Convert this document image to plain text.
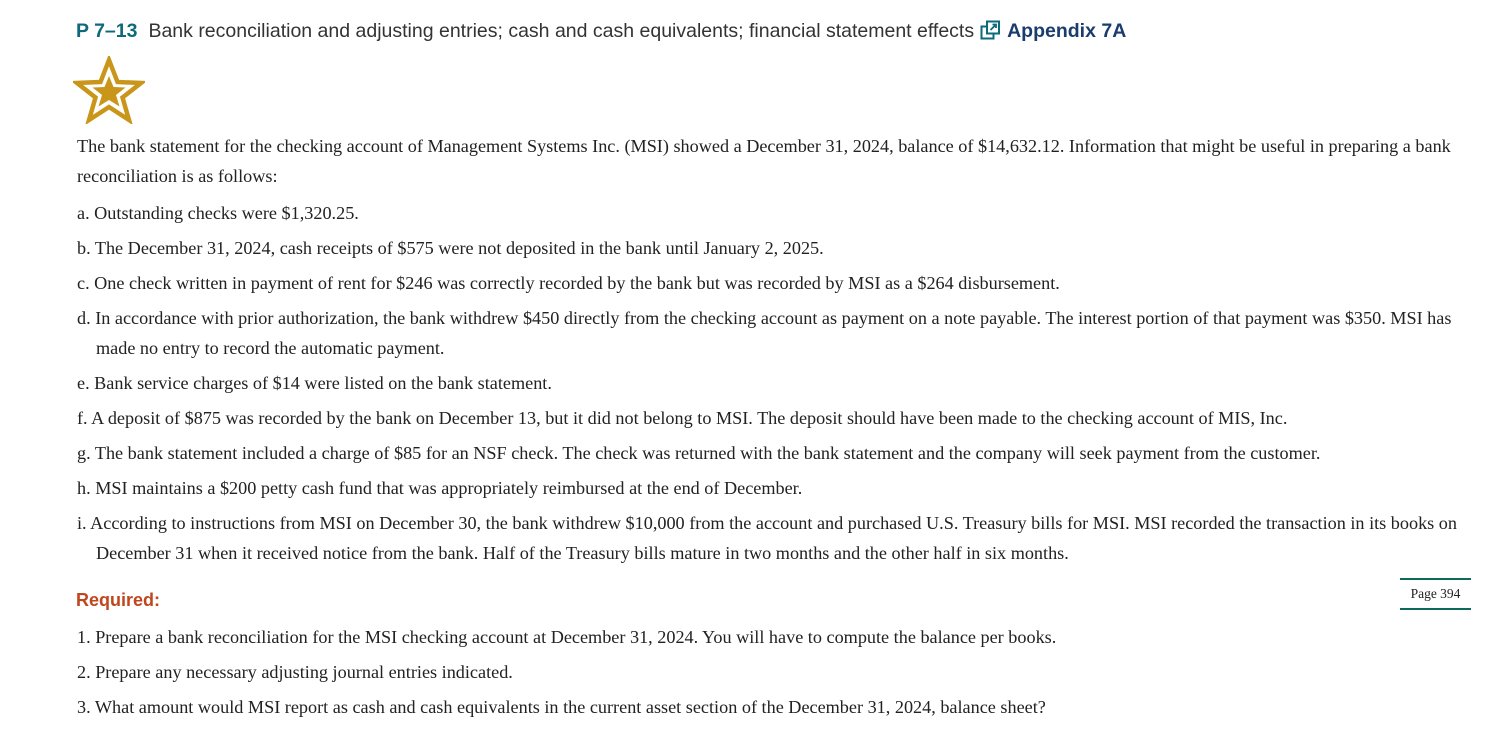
P 7–13 Bank reconciliation and adjusting entries; cash and cash equivalents; financial statement effects Appendix 7A
The bank statement for the checking account of Management Systems Inc. (MSI) showed a December 31, 2024, balance of $14,632.12. Information that might be useful in preparing a bank reconciliation is as follows:
a. Outstanding checks were $1,320.25.
b. The December 31, 2024, cash receipts of $575 were not deposited in the bank until January 2, 2025.
c. One check written in payment of rent for $246 was correctly recorded by the bank but was recorded by MSI as a $264 disbursement.
d. In accordance with prior authorization, the bank withdrew $450 directly from the checking account as payment on a note payable. The interest portion of that payment was $350. MSI has made no entry to record the automatic payment.
e. Bank service charges of $14 were listed on the bank statement.
f. A deposit of $875 was recorded by the bank on December 13, but it did not belong to MSI. The deposit should have been made to the checking account of MIS, Inc.
g. The bank statement included a charge of $85 for an NSF check. The check was returned with the bank statement and the company will seek payment from the customer.
h. MSI maintains a $200 petty cash fund that was appropriately reimbursed at the end of December.
i. According to instructions from MSI on December 30, the bank withdrew $10,000 from the account and purchased U.S. Treasury bills for MSI. MSI recorded the transaction in its books on December 31 when it received notice from the bank. Half of the Treasury bills mature in two months and the other half in six months.
Required:	Page 394
1. Prepare a bank reconciliation for the MSI checking account at December 31, 2024. You will have to compute the balance per books.
2. Prepare any necessary adjusting journal entries indicated.
3. What amount would MSI report as cash and cash equivalents in the current asset section of the December 31, 2024, balance sheet?
